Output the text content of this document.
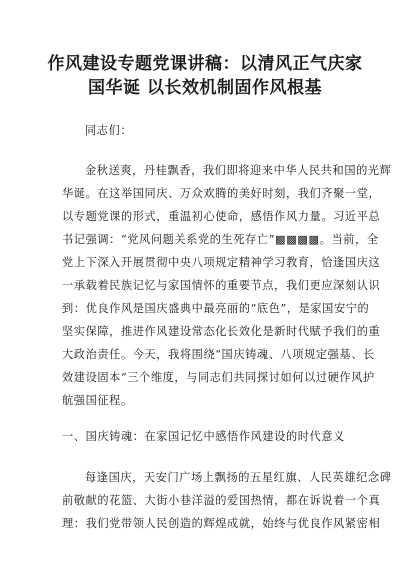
作风建设专题党课讲稿：以清风正气庆家
国华诞 以长效机制固作风根基
同志们：
金秋送爽，丹桂飘香，我们即将迎来中华人民共和国的光辉
华诞。在这举国同庆、万众欢腾的美好时刻，我们齐聚一堂，
以专题党课的形式，重温初心使命，感悟作风力量。习近平总
书记强调：“党风问题关系党的生死存亡”▩▩▩▩。当前，全
党上下深入开展贯彻中央八项规定精神学习教育，恰逢国庆这
一承载着民族记忆与家国情怀的重要节点，我们更应深刻认识
到：优良作风是国庆盛典中最亮丽的“底色”，是家国安宁的
坚实保障，推进作风建设常态化长效化是新时代赋予我们的重
大政治责任。今天，我将围绕“国庆铸魂、八项规定强基、长
效建设固本”三个维度，与同志们共同探讨如何以过硬作风护
航强国征程。
一、国庆铸魂：在家国记忆中感悟作风建设的时代意义
每逢国庆，天安门广场上飘扬的五星红旗、人民英雄纪念碑
前敬献的花篮、大街小巷洋溢的爱国热情，都在诉说着一个真
理：我们党带领人民创造的辉煌成就，始终与优良作风紧密相
